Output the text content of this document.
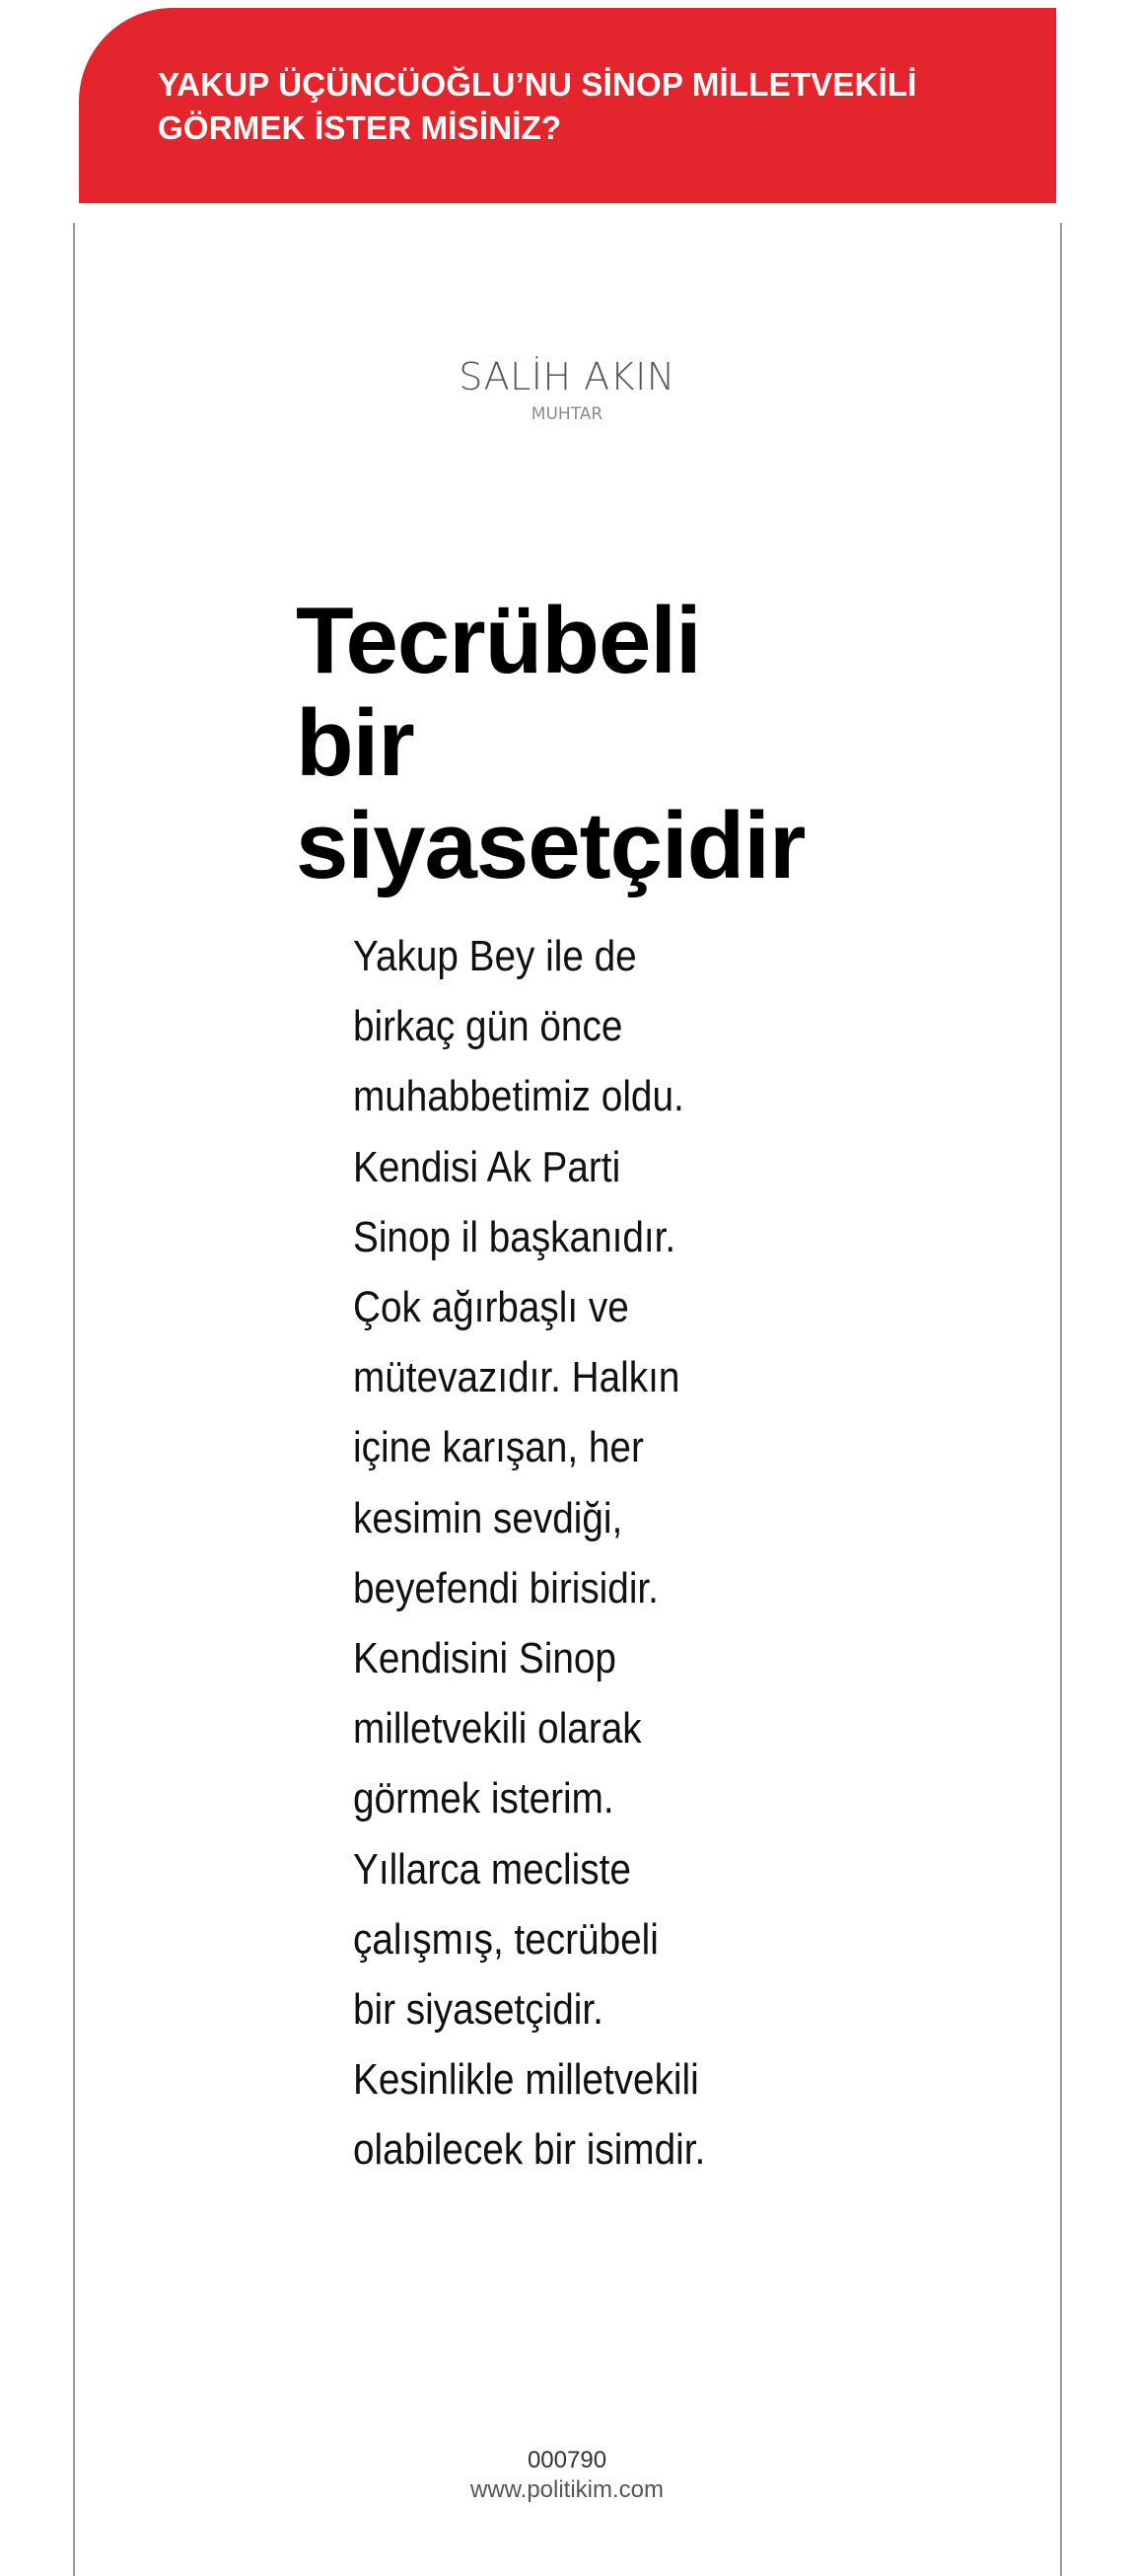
YAKUP ÜÇÜNCÜOĞLU’NU SİNOP MİLLETVEKİLİ
GÖRMEK İSTER MİSİNİZ?
SALİH AKIN
MUHTAR
Tecrübeli
bir
siyasetçidir

Yakup Bey ile de
birkaç gün önce
muhabbetimiz oldu.
Kendisi Ak Parti
Sinop il başkanıdır.
Çok ağırbaşlı ve
mütevazıdır. Halkın
içine karışan, her
kesimin sevdiği,
beyefendi birisidir.
Kendisini Sinop
milletvekili olarak
görmek isterim.
Yıllarca mecliste
çalışmış, tecrübeli
bir siyasetçidir.
Kesinlikle milletvekili
olabilecek bir isimdir.

000790
www.politikim.com
